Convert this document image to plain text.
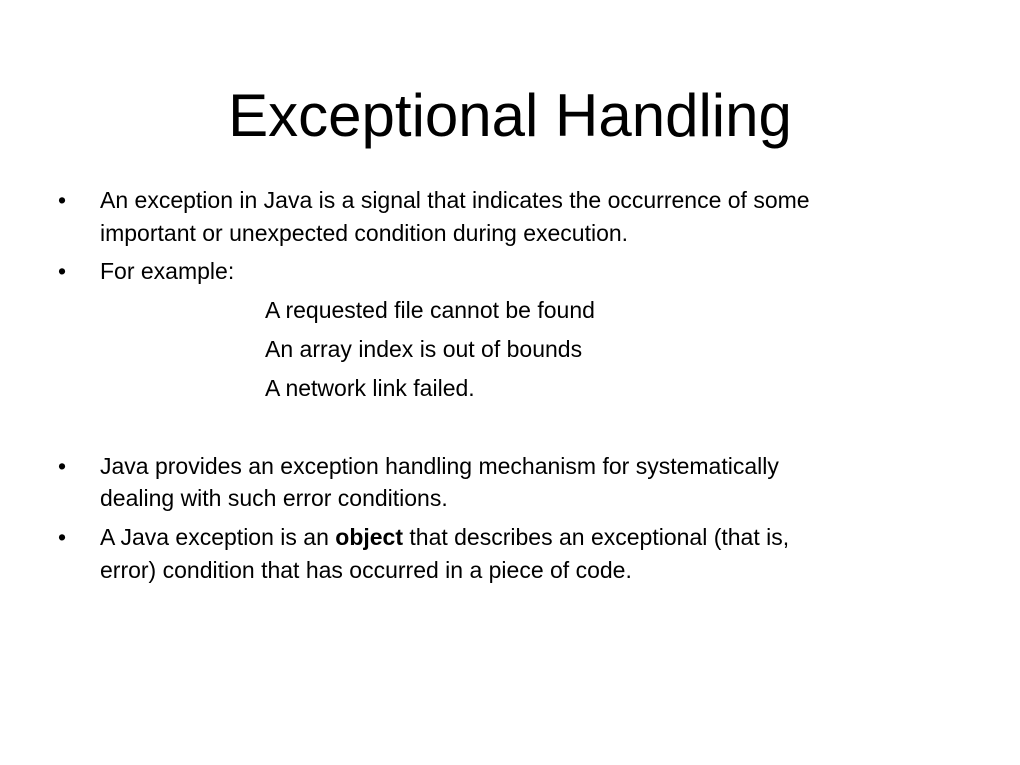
Exceptional Handling
• An exception in Java is a signal that indicates the occurrence of some
important or unexpected condition during execution.
• For example:
A requested file cannot be found
An array index is out of bounds
A network link failed.
• Java provides an exception handling mechanism for systematically
dealing with such error conditions.
• A Java exception is an object that describes an exceptional (that is,
error) condition that has occurred in a piece of code.
